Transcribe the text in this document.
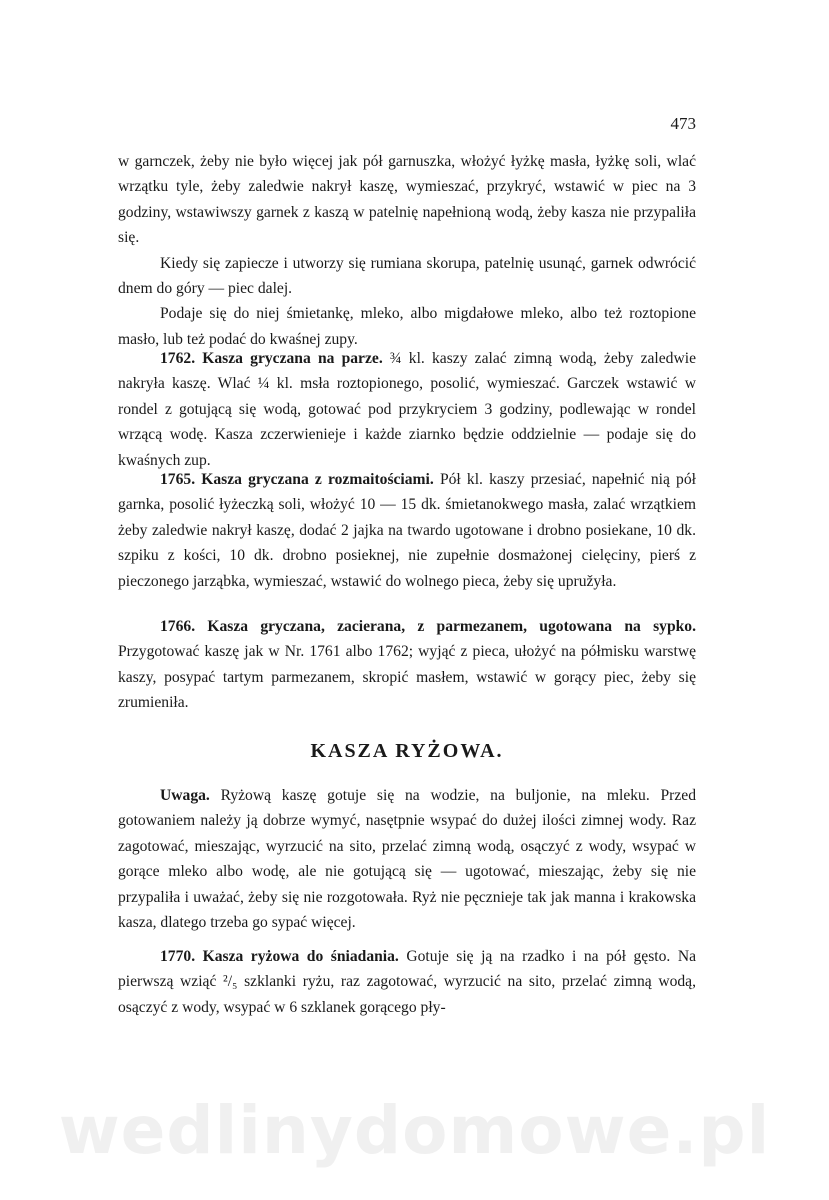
473

w garnczek, żeby nie było więcej jak pół garnuszka, włożyć łyżkę masła, łyżkę soli, wlać wrzątku tyle, żeby zaledwie nakrył kaszę, wymieszać, przykryć, wstawić w piec na 3 godziny, wstawiwszy garnek z kaszą w patelnię napełnioną wodą, żeby kasza nie przypaliła się.

Kiedy się zapiecze i utworzy się rumiana skorupa, patelnię usunąć, garnek odwrócić dnem do góry — piec dalej.

Podaje się do niej śmietankę, mleko, albo migdałowe mleko, albo też roztopione masło, lub też podać do kwaśnej zupy.

1762. Kasza gryczana na parze. ¾ kl. kaszy zalać zimną wodą, żeby zaledwie nakryła kaszę. Wlać ¼ kl. msła roztopionego, posolić, wymieszać. Garczek wstawić w rondel z gotującą się wodą, gotować pod przykryciem 3 godziny, podlewając w rondel wrzącą wodę. Kasza zczerwienieje i każde ziarnko będzie oddzielnie — podaje się do kwaśnych zup.

1765. Kasza gryczana z rozmaitościami. Pół kl. kaszy przesiać, napełnić nią pół garnka, posolić łyżeczką soli, włożyć 10 — 15 dk. śmietanokwego masła, zalać wrzątkiem żeby zaledwie nakrył kaszę, dodać 2 jajka na twardo ugotowane i drobno posiekane, 10 dk. szpiku z kości, 10 dk. drobno posieknej, nie zupełnie dosmażonej cielęciny, pierś z pieczonego jarząbka, wymieszać, wstawić do wolnego pieca, żeby się upružyła.

1766. Kasza gryczana, zacierana, z parmezanem, ugotowana na sypko. Przygotować kaszę jak w Nr. 1761 albo 1762; wyjąć z pieca, ułożyć na półmisku warstwę kaszy, posypać tartym parmezanem, skropić masłem, wstawić w gorący piec, żeby się zrumieniła.

KASZA RYŻOWA.

Uwaga. Ryżową kaszę gotuje się na wodzie, na buljonie, na mleku. Przed gotowaniem należy ją dobrze wymyć, nasętpnie wsypać do dużej ilości zimnej wody. Raz zagotować, mieszając, wyrzucić na sito, przelać zimną wodą, osączyć z wody, wsypać w gorące mleko albo wodę, ale nie gotującą się — ugotować, mieszając, żeby się nie przypaliła i uważać, żeby się nie rozgotowała. Ryż nie pęcznieje tak jak manna i krakowska kasza, dlatego trzeba go sypać więcej.

1770. Kasza ryżowa do śniadania. Gotuje się ją na rzadko i na pół gęsto. Na pierwszą wziąć ²/₅ szklanki ryżu, raz zagotować, wyrzucić na sito, przelać zimną wodą, osączyć z wody, wsypać w 6 szklanek gorącego pły-

wedlinydomowe.pl
